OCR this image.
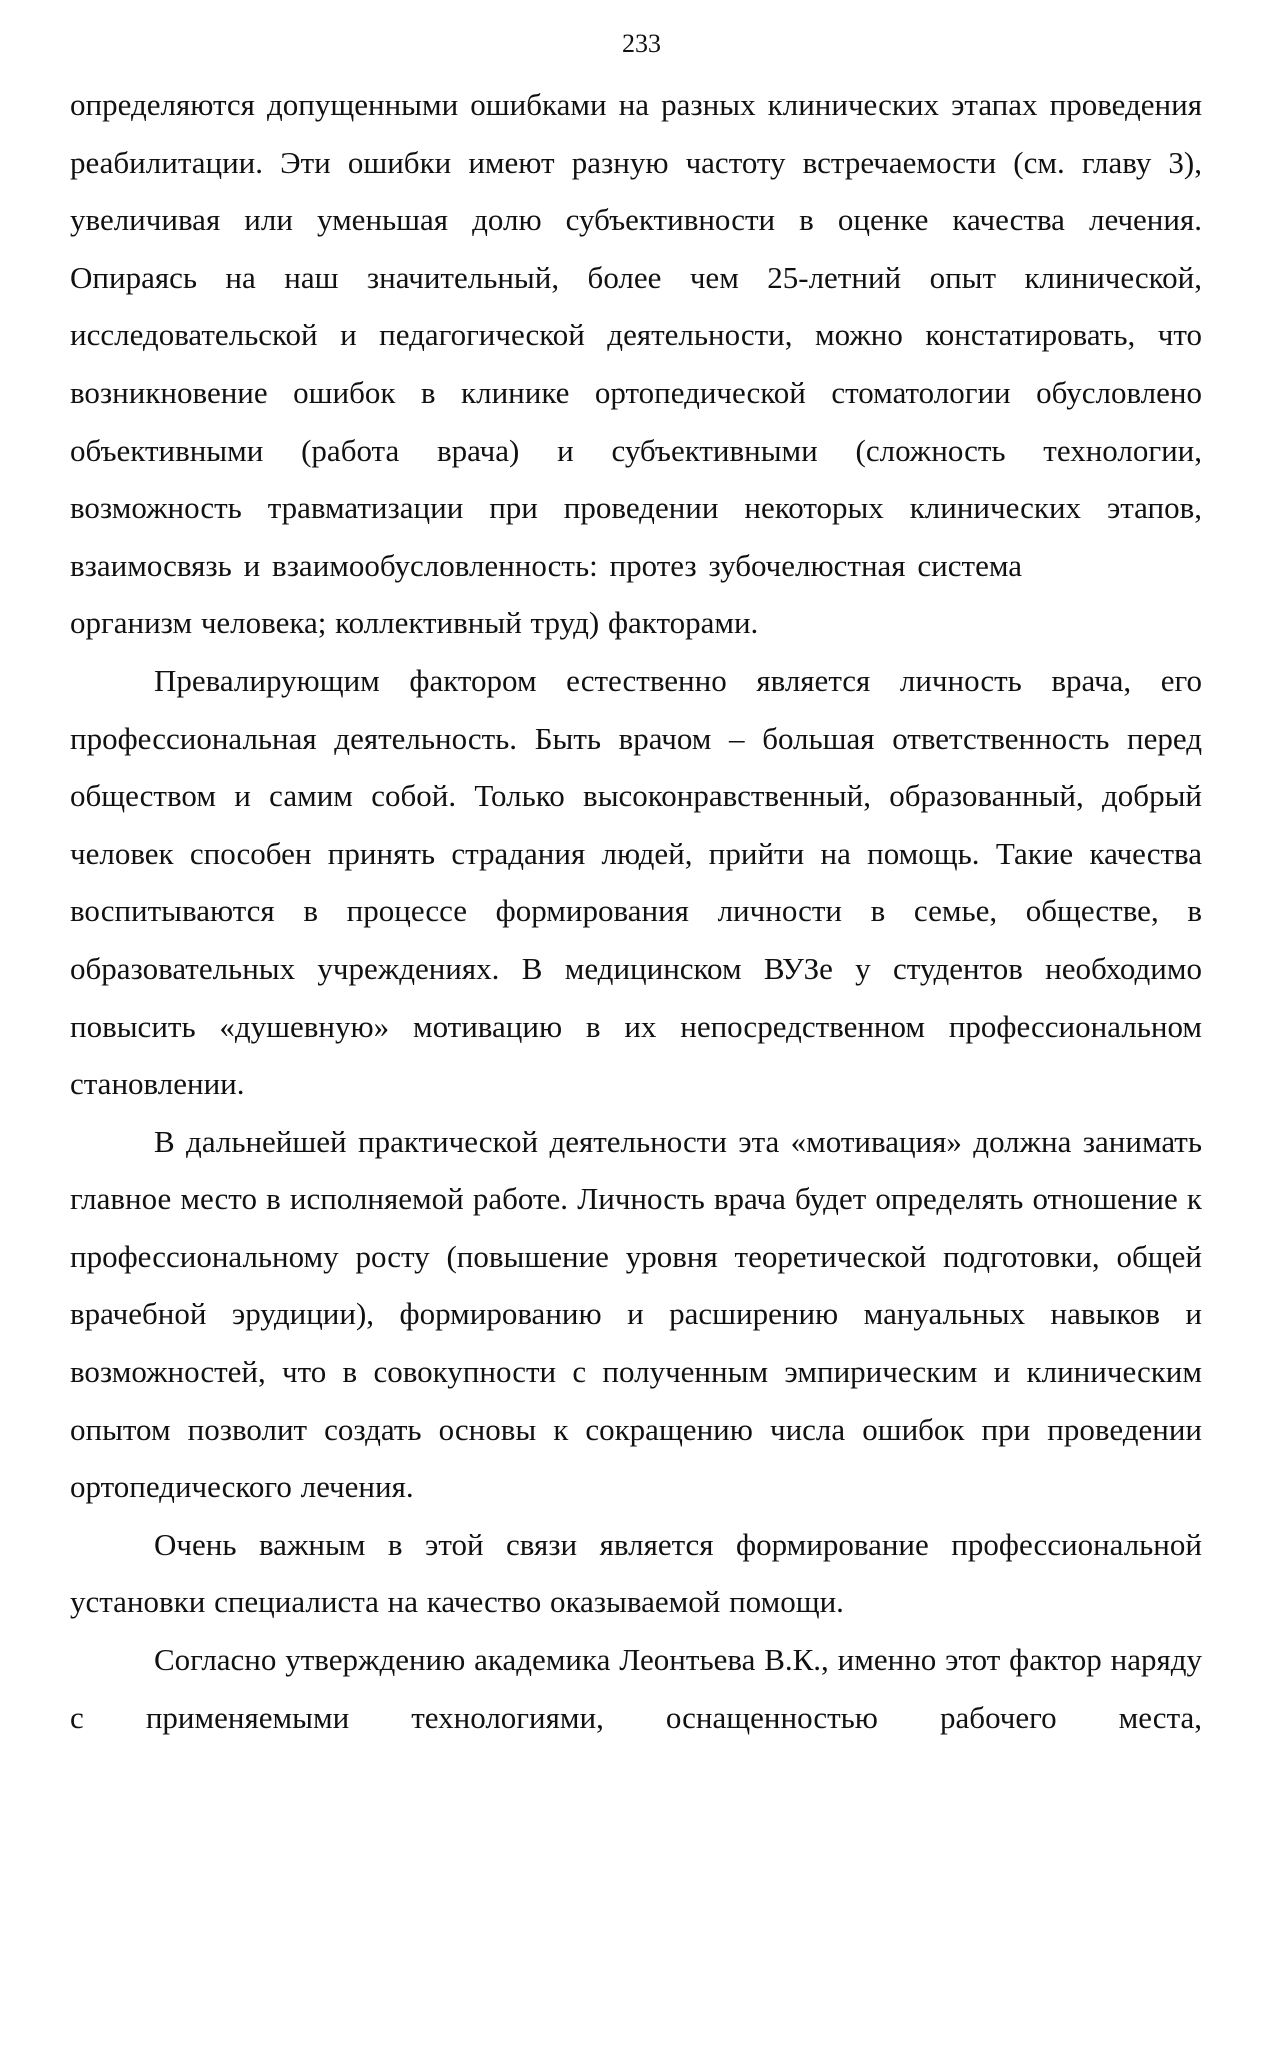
233

определяются допущенными ошибками на разных клинических этапах проведения реабилитации. Эти ошибки имеют разную частоту встречаемости (см. главу 3), увеличивая или уменьшая долю субъективности в оценке качества лечения. Опираясь на наш значительный, более чем 25-летний опыт клинической, исследовательской и педагогической деятельности, можно констатировать, что возникновение ошибок в клинике ортопедической стоматологии обусловлено объективными (работа врача) и субъективными (сложность технологии, возможность травматизации при проведении некоторых клинических этапов, взаимосвязь и взаимообусловленность: протез зубочелюстная системаорганизм человека; коллективный труд) факторами.

Превалирующим фактором естественно является личность врача, его профессиональная деятельность. Быть врачом – большая ответственность перед обществом и самим собой. Только высоконравственный, образованный, добрый человек способен принять страдания людей, прийти на помощь. Такие качества воспитываются в процессе формирования личности в семье, обществе, в образовательных учреждениях. В медицинском ВУЗе у студентов необходимо повысить «душевную» мотивацию в их непосредственном профессиональном становлении.

В дальнейшей практической деятельности эта «мотивация» должна занимать главное место в исполняемой работе. Личность врача будет определять отношение к профессиональному росту (повышение уровня теоретической подготовки, общей врачебной эрудиции), формированию и расширению мануальных навыков и возможностей, что в совокупности с полученным эмпирическим и клиническим опытом позволит создать основы к сокращению числа ошибок при проведении ортопедического лечения.

Очень важным в этой связи является формирование профессиональной установки специалиста на качество оказываемой помощи.

Согласно утверждению академика Леонтьева В.К., именно этот фактор наряду с применяемыми технологиями, оснащенностью рабочего места,
